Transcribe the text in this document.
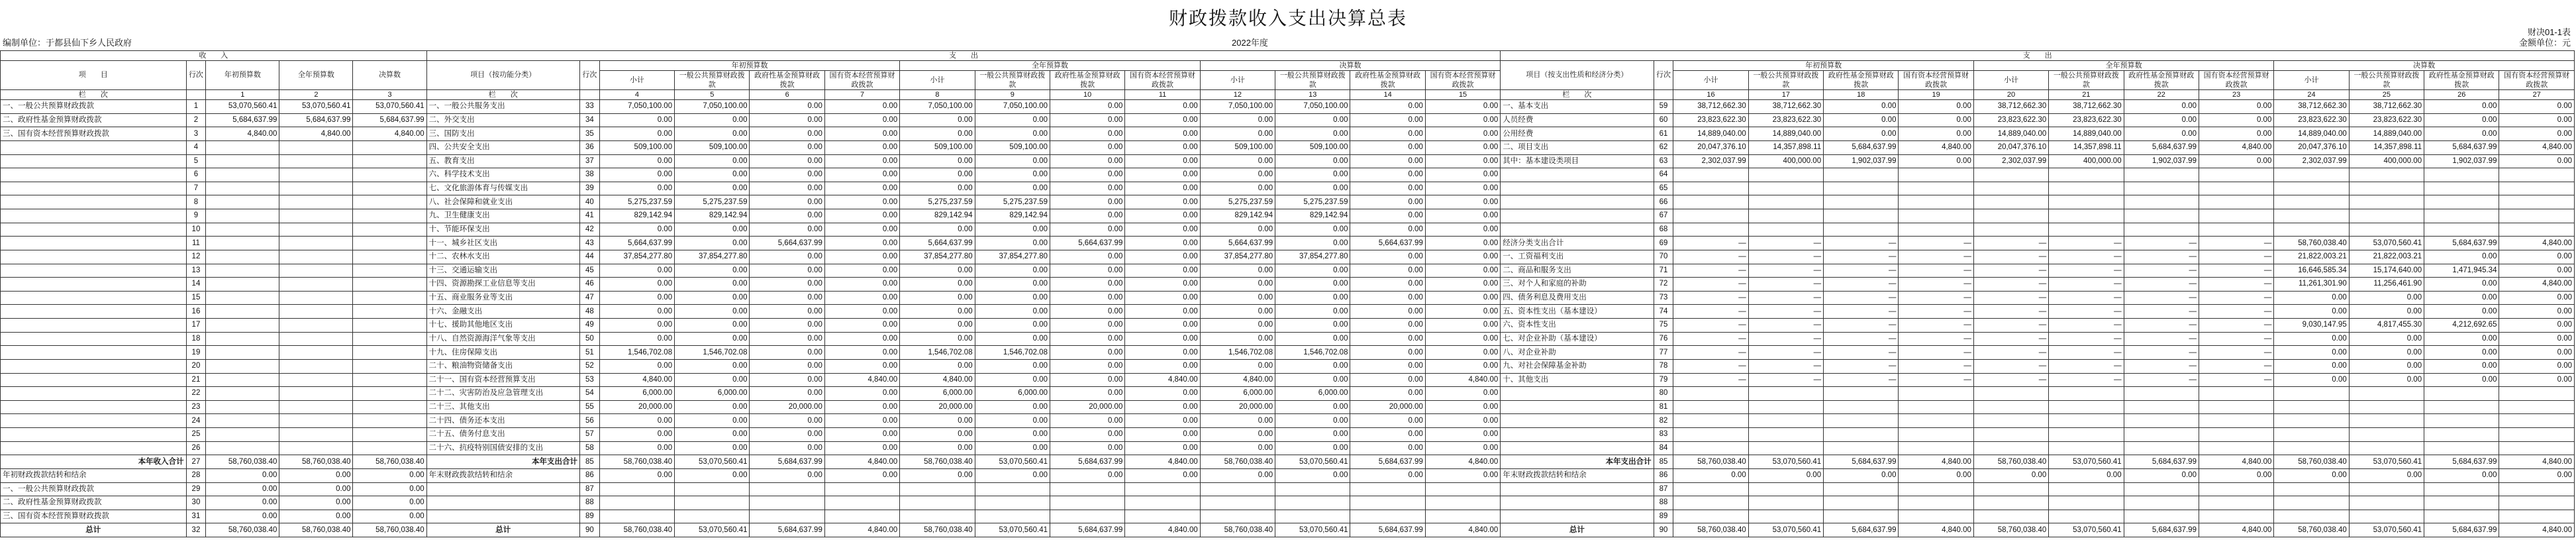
财政拨款收入支出决算总表
财决01-1表
编制单位：于都县仙下乡人民政府	2022年度	金额单位：元
收　　入					支　　出														支　　出													
项　　目	行次	年初预算数	全年预算数	决算数	项目（按功能分类）	行次	年初预算数				全年预算数				决算数				项目（按支出性质和经济分类）	行次	年初预算数				全年预算数				决算数			
							小计	一般公共预算财政拨款	政府性基金预算财政拨款	国有资本经营预算财政拨款	小计	一般公共预算财政拨款	政府性基金预算财政拨款	国有资本经营预算财政拨款	小计	一般公共预算财政拨款	政府性基金预算财政拨款	国有资本经营预算财政拨款			小计	一般公共预算财政拨款	政府性基金预算财政拨款	国有资本经营预算财政拨款	小计	一般公共预算财政拨款	政府性基金预算财政拨款	国有资本经营预算财政拨款	小计	一般公共预算财政拨款	政府性基金预算财政拨款	国有资本经营预算财政拨款
栏　　次		1	2	3	栏　　次		4	5	6	7	8	9	10	11	12	13	14	15	栏　　次		16	17	18	19	20	21	22	23	24	25	26	27
一、一般公共预算财政拨款	1	53,070,560.41	53,070,560.41	53,070,560.41	一、一般公共服务支出	33	7,050,100.00	7,050,100.00	0.00	0.00	7,050,100.00	7,050,100.00	0.00	0.00	7,050,100.00	7,050,100.00	0.00	0.00	一、基本支出	59	38,712,662.30	38,712,662.30	0.00	0.00	38,712,662.30	38,712,662.30	0.00	0.00	38,712,662.30	38,712,662.30	0.00	0.00
二、政府性基金预算财政拨款	2	5,684,637.99	5,684,637.99	5,684,637.99	二、外交支出	34	0.00	0.00	0.00	0.00	0.00	0.00	0.00	0.00	0.00	0.00	0.00	0.00	人员经费	60	23,823,622.30	23,823,622.30	0.00	0.00	23,823,622.30	23,823,622.30	0.00	0.00	23,823,622.30	23,823,622.30	0.00	0.00
三、国有资本经营预算财政拨款	3	4,840.00	4,840.00	4,840.00	三、国防支出	35	0.00	0.00	0.00	0.00	0.00	0.00	0.00	0.00	0.00	0.00	0.00	0.00	公用经费	61	14,889,040.00	14,889,040.00	0.00	0.00	14,889,040.00	14,889,040.00	0.00	0.00	14,889,040.00	14,889,040.00	0.00	0.00
	4				四、公共安全支出	36	509,100.00	509,100.00	0.00	0.00	509,100.00	509,100.00	0.00	0.00	509,100.00	509,100.00	0.00	0.00	二、项目支出	62	20,047,376.10	14,357,898.11	5,684,637.99	4,840.00	20,047,376.10	14,357,898.11	5,684,637.99	4,840.00	20,047,376.10	14,357,898.11	5,684,637.99	4,840.00
	5				五、教育支出	37	0.00	0.00	0.00	0.00	0.00	0.00	0.00	0.00	0.00	0.00	0.00	0.00	其中：基本建设类项目	63	2,302,037.99	400,000.00	1,902,037.99	0.00	2,302,037.99	400,000.00	1,902,037.99	0.00	2,302,037.99	400,000.00	1,902,037.99	0.00
	6				六、科学技术支出	38	0.00	0.00	0.00	0.00	0.00	0.00	0.00	0.00	0.00	0.00	0.00	0.00		64												
	7				七、文化旅游体育与传媒支出	39	0.00	0.00	0.00	0.00	0.00	0.00	0.00	0.00	0.00	0.00	0.00	0.00		65												
	8				八、社会保障和就业支出	40	5,275,237.59	5,275,237.59	0.00	0.00	5,275,237.59	5,275,237.59	0.00	0.00	5,275,237.59	5,275,237.59	0.00	0.00		66												
	9				九、卫生健康支出	41	829,142.94	829,142.94	0.00	0.00	829,142.94	829,142.94	0.00	0.00	829,142.94	829,142.94	0.00	0.00		67												
	10				十、节能环保支出	42	0.00	0.00	0.00	0.00	0.00	0.00	0.00	0.00	0.00	0.00	0.00	0.00		68												
	11				十一、城乡社区支出	43	5,664,637.99	0.00	5,664,637.99	0.00	5,664,637.99	0.00	5,664,637.99	0.00	5,664,637.99	0.00	5,664,637.99	0.00	经济分类支出合计	69	—	—	—	—	—	—	—	—	58,760,038.40	53,070,560.41	5,684,637.99	4,840.00
	12				十二、农林水支出	44	37,854,277.80	37,854,277.80	0.00	0.00	37,854,277.80	37,854,277.80	0.00	0.00	37,854,277.80	37,854,277.80	0.00	0.00	一、工资福利支出	70	—	—	—	—	—	—	—	—	21,822,003.21	21,822,003.21	0.00	0.00
	13				十三、交通运输支出	45	0.00	0.00	0.00	0.00	0.00	0.00	0.00	0.00	0.00	0.00	0.00	0.00	二、商品和服务支出	71	—	—	—	—	—	—	—	—	16,646,585.34	15,174,640.00	1,471,945.34	0.00
	14				十四、资源勘探工业信息等支出	46	0.00	0.00	0.00	0.00	0.00	0.00	0.00	0.00	0.00	0.00	0.00	0.00	三、对个人和家庭的补助	72	—	—	—	—	—	—	—	—	11,261,301.90	11,256,461.90	0.00	4,840.00
	15				十五、商业服务业等支出	47	0.00	0.00	0.00	0.00	0.00	0.00	0.00	0.00	0.00	0.00	0.00	0.00	四、债务利息及费用支出	73	—	—	—	—	—	—	—	—	0.00	0.00	0.00	0.00
	16				十六、金融支出	48	0.00	0.00	0.00	0.00	0.00	0.00	0.00	0.00	0.00	0.00	0.00	0.00	五、资本性支出（基本建设）	74	—	—	—	—	—	—	—	—	0.00	0.00	0.00	0.00
	17				十七、援助其他地区支出	49	0.00	0.00	0.00	0.00	0.00	0.00	0.00	0.00	0.00	0.00	0.00	0.00	六、资本性支出	75	—	—	—	—	—	—	—	—	9,030,147.95	4,817,455.30	4,212,692.65	0.00
	18				十八、自然资源海洋气象等支出	50	0.00	0.00	0.00	0.00	0.00	0.00	0.00	0.00	0.00	0.00	0.00	0.00	七、对企业补助（基本建设）	76	—	—	—	—	—	—	—	—	0.00	0.00	0.00	0.00
	19				十九、住房保障支出	51	1,546,702.08	1,546,702.08	0.00	0.00	1,546,702.08	1,546,702.08	0.00	0.00	1,546,702.08	1,546,702.08	0.00	0.00	八、对企业补助	77	—	—	—	—	—	—	—	—	0.00	0.00	0.00	0.00
	20				二十、粮油物资储备支出	52	0.00	0.00	0.00	0.00	0.00	0.00	0.00	0.00	0.00	0.00	0.00	0.00	九、对社会保障基金补助	78	—	—	—	—	—	—	—	—	0.00	0.00	0.00	0.00
	21				二十一、国有资本经营预算支出	53	4,840.00	0.00	0.00	4,840.00	4,840.00	0.00	0.00	4,840.00	4,840.00	0.00	0.00	4,840.00	十、其他支出	79	—	—	—	—	—	—	—	—	0.00	0.00	0.00	0.00
	22				二十二、灾害防治及应急管理支出	54	6,000.00	6,000.00	0.00	0.00	6,000.00	6,000.00	0.00	0.00	6,000.00	6,000.00	0.00	0.00		80												
	23				二十三、其他支出	55	20,000.00	0.00	20,000.00	0.00	20,000.00	0.00	20,000.00	0.00	20,000.00	0.00	20,000.00	0.00		81												
	24				二十四、债务还本支出	56	0.00	0.00	0.00	0.00	0.00	0.00	0.00	0.00	0.00	0.00	0.00	0.00		82												
	25				二十五、债务付息支出	57	0.00	0.00	0.00	0.00	0.00	0.00	0.00	0.00	0.00	0.00	0.00	0.00		83												
	26				二十六、抗疫特别国债安排的支出	58	0.00	0.00	0.00	0.00	0.00	0.00	0.00	0.00	0.00	0.00	0.00	0.00		84												
本年收入合计	27	58,760,038.40	58,760,038.40	58,760,038.40	本年支出合计	85	58,760,038.40	53,070,560.41	5,684,637.99	4,840.00	58,760,038.40	53,070,560.41	5,684,637.99	4,840.00	58,760,038.40	53,070,560.41	5,684,637.99	4,840.00	本年支出合计	85	58,760,038.40	53,070,560.41	5,684,637.99	4,840.00	58,760,038.40	53,070,560.41	5,684,637.99	4,840.00	58,760,038.40	53,070,560.41	5,684,637.99	4,840.00
年初财政拨款结转和结余	28	0.00	0.00	0.00	年末财政拨款结转和结余	86	0.00	0.00	0.00	0.00	0.00	0.00	0.00	0.00	0.00	0.00	0.00	0.00	年末财政拨款结转和结余	86	0.00	0.00	0.00	0.00	0.00	0.00	0.00	0.00	0.00	0.00	0.00	0.00
一、一般公共预算财政拨款	29	0.00	0.00	0.00		87														87												
二、政府性基金预算财政拨款	30	0.00	0.00	0.00		88														88												
三、国有资本经营预算财政拨款	31	0.00	0.00	0.00		89														89												
总计	32	58,760,038.40	58,760,038.40	58,760,038.40	总计	90	58,760,038.40	53,070,560.41	5,684,637.99	4,840.00	58,760,038.40	53,070,560.41	5,684,637.99	4,840.00	58,760,038.40	53,070,560.41	5,684,637.99	4,840.00	总计	90	58,760,038.40	53,070,560.41	5,684,637.99	4,840.00	58,760,038.40	53,070,560.41	5,684,637.99	4,840.00	58,760,038.40	53,070,560.41	5,684,637.99	4,840.00
